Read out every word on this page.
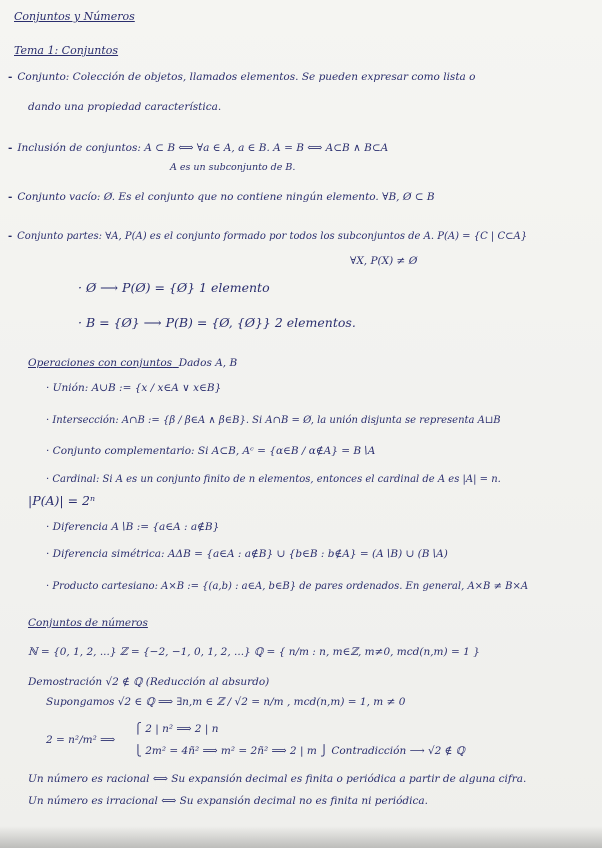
Conjuntos y Números
Tema 1: Conjuntos
- Conjunto: Colección de objetos, llamados elementos. Se pueden expresar como lista o
dando una propiedad característica.
- Inclusión de conjuntos: A ⊂ B ⟺ ∀a ∈ A, a ∈ B. A = B ⟺ A⊂B ∧ B⊂A
A es un subconjunto de B.
- Conjunto vacío: Ø. Es el conjunto que no contiene ningún elemento. ∀B, Ø ⊂ B
- Conjunto partes: ∀A, P(A) es el conjunto formado por todos los subconjuntos de A. P(A) = {C | C⊂A}
∀X, P(X) ≠ Ø
· Ø ⟶ P(Ø) = {Ø} 1 elemento
· B = {Ø} ⟶ P(B) = {Ø, {Ø}} 2 elementos.
Operaciones con conjuntos Dados A, B
· Unión: A∪B := {x / x∈A ∨ x∈B}
· Intersección: A∩B := {β / β∈A ∧ β∈B}. Si A∩B = Ø, la unión disjunta se representa A⊔B
· Conjunto complementario: Si A⊂B, Aᶜ = {α∈B / α∉A} = B∖A
· Cardinal: Si A es un conjunto finito de n elementos, entonces el cardinal de A es |A| = n.
|P(A)| = 2ⁿ
· Diferencia A∖B := {a∈A : a∉B}
· Diferencia simétrica: AΔB = {a∈A : a∉B} ∪ {b∈B : b∉A} = (A∖B) ∪ (B∖A)
· Producto cartesiano: A×B := {(a,b) : a∈A, b∈B} de pares ordenados. En general, A×B ≠ B×A
Conjuntos de números
ℕ = {0, 1, 2, ...} ℤ = {−2, −1, 0, 1, 2, ...} ℚ = { n/m : n, m∈ℤ, m≠0, mcd(n,m) = 1 }
Demostración √2 ∉ ℚ (Reducción al absurdo)
Supongamos √2 ∈ ℚ ⟹ ∃n,m ∈ ℤ / √2 = n/m , mcd(n,m) = 1, m ≠ 0
⎧ 2 | n² ⟹ 2 | n
2 = n²/m² ⟹
⎩ 2m² = 4ñ² ⟹ m² = 2ñ² ⟹ 2 | m ⎭ Contradicción ⟶ √2 ∉ ℚ
Un número es racional ⟺ Su expansión decimal es finita o periódica a partir de alguna cifra.
Un número es irracional ⟺ Su expansión decimal no es finita ni periódica.
